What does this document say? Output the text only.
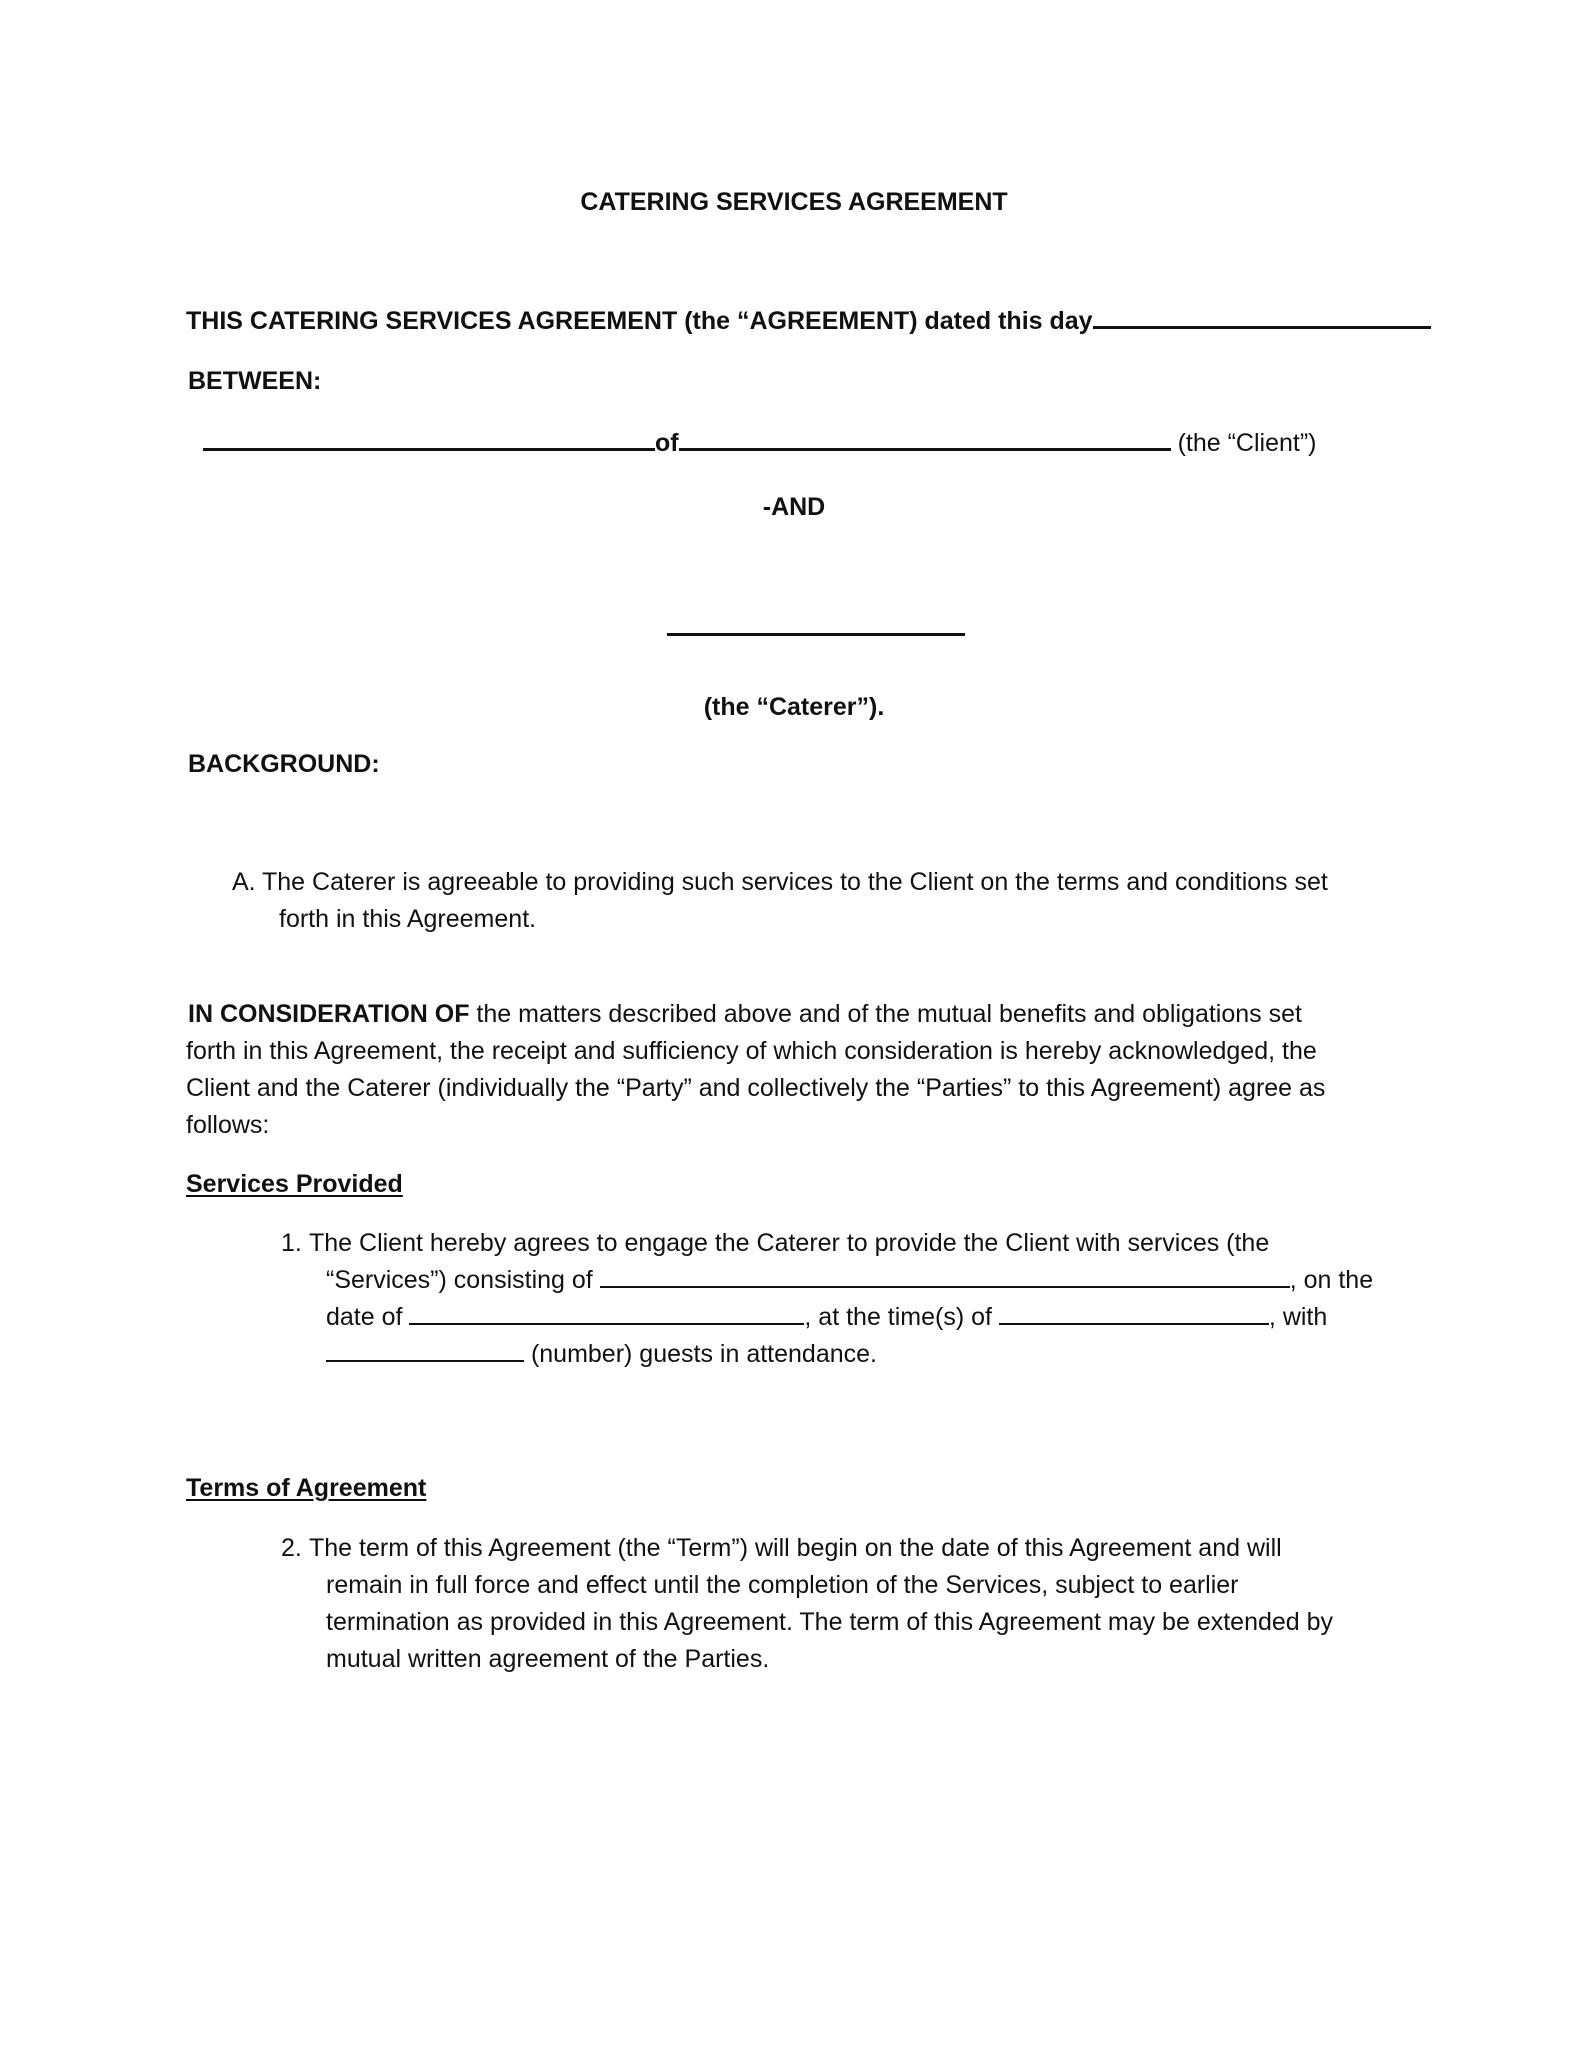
CATERING SERVICES AGREEMENT
THIS CATERING SERVICES AGREEMENT (the “AGREEMENT) dated this day
BETWEEN:
of	(the “Client”)
-AND
(the “Caterer”).
BACKGROUND:
A. The Caterer is agreeable to providing such services to the Client on the terms and conditions set
forth in this Agreement.
IN CONSIDERATION OF the matters described above and of the mutual benefits and obligations set
forth in this Agreement, the receipt and sufficiency of which consideration is hereby acknowledged, the
Client and the Caterer (individually the “Party” and collectively the “Parties” to this Agreement) agree as
follows:
Services Provided
1. The Client hereby agrees to engage the Caterer to provide the Client with services (the
“Services”) consisting of	, on the
date of	, at the time(s) of	, with
(number) guests in attendance.
Terms of Agreement
2. The term of this Agreement (the “Term”) will begin on the date of this Agreement and will
remain in full force and effect until the completion of the Services, subject to earlier
termination as provided in this Agreement. The term of this Agreement may be extended by
mutual written agreement of the Parties.
